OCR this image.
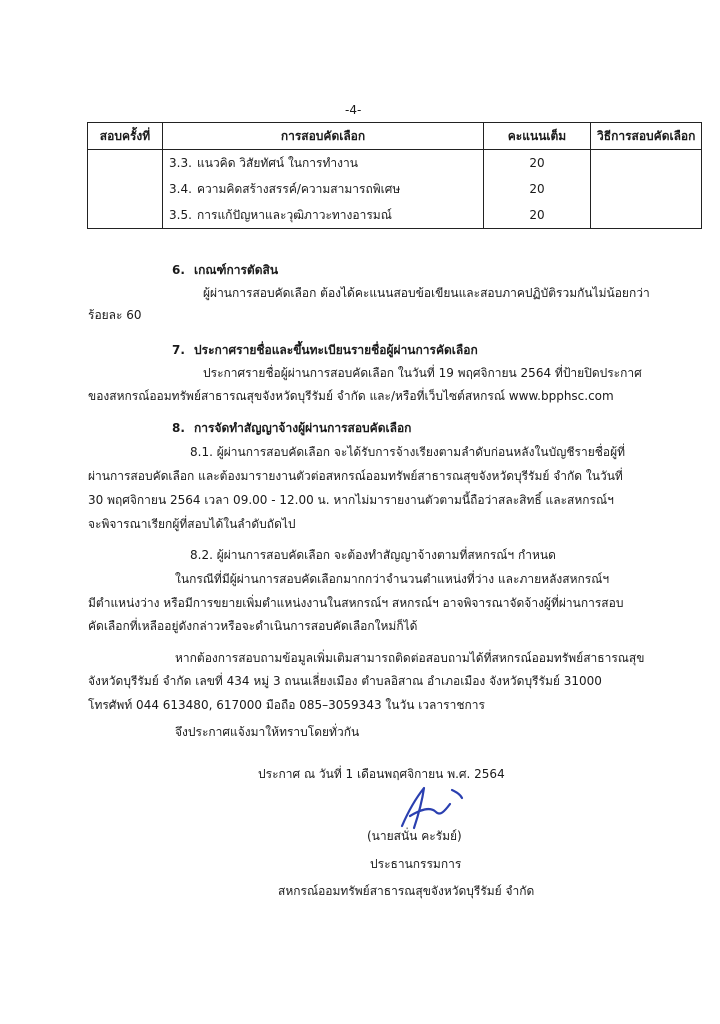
-4-
สอบครั้งที่	การสอบคัดเลือก	คะแนนเต็ม	วิธีการสอบคัดเลือก
	3.3. แนวคิด วิสัยทัศน์ ในการทำงาน	20	
	3.4. ความคิดสร้างสรรค์/ความสามารถพิเศษ	20	
	3.5. การแก้ปัญหาและวุฒิภาวะทางอารมณ์	20	
6. เกณฑ์การตัดสิน
ผู้ผ่านการสอบคัดเลือก ต้องได้คะแนนสอบข้อเขียนและสอบภาคปฏิบัติรวมกันไม่น้อยกว่า
ร้อยละ 60
7. ประกาศรายชื่อและขึ้นทะเบียนรายชื่อผู้ผ่านการคัดเลือก
ประกาศรายชื่อผู้ผ่านการสอบคัดเลือก ในวันที่ 19 พฤศจิกายน 2564 ที่ป้ายปิดประกาศ
ของสหกรณ์ออมทรัพย์สาธารณสุขจังหวัดบุรีรัมย์ จำกัด และ/หรือที่เว็บไซต์สหกรณ์ www.bpphsc.com
8. การจัดทำสัญญาจ้างผู้ผ่านการสอบคัดเลือก
8.1. ผู้ผ่านการสอบคัดเลือก จะได้รับการจ้างเรียงตามลำดับก่อนหลังในบัญชีรายชื่อผู้ที่
ผ่านการสอบคัดเลือก และต้องมารายงานตัวต่อสหกรณ์ออมทรัพย์สาธารณสุขจังหวัดบุรีรัมย์ จำกัด ในวันที่
30 พฤศจิกายน 2564 เวลา 09.00 - 12.00 น. หากไม่มารายงานตัวตามนี้ถือว่าสละสิทธิ์ และสหกรณ์ฯ
จะพิจารณาเรียกผู้ที่สอบได้ในลำดับถัดไป
8.2. ผู้ผ่านการสอบคัดเลือก จะต้องทำสัญญาจ้างตามที่สหกรณ์ฯ กำหนด
ในกรณีที่มีผู้ผ่านการสอบคัดเลือกมากกว่าจำนวนตำแหน่งที่ว่าง และภายหลังสหกรณ์ฯ
มีตำแหน่งว่าง หรือมีการขยายเพิ่มตำแหน่งงานในสหกรณ์ฯ สหกรณ์ฯ อาจพิจารณาจัดจ้างผู้ที่ผ่านการสอบ
คัดเลือกที่เหลืออยู่ดังกล่าวหรือจะดำเนินการสอบคัดเลือกใหม่ก็ได้
หากต้องการสอบถามข้อมูลเพิ่มเติมสามารถติดต่อสอบถามได้ที่สหกรณ์ออมทรัพย์สาธารณสุข
จังหวัดบุรีรัมย์ จำกัด เลขที่ 434 หมู่ 3 ถนนเลี่ยงเมือง ตำบลอิสาณ อำเภอเมือง จังหวัดบุรีรัมย์ 31000
โทรศัพท์ 044 613480, 617000 มือถือ 085–3059343 ในวัน เวลาราชการ
จึงประกาศแจ้งมาให้ทราบโดยทั่วกัน
ประกาศ ณ วันที่ 1 เดือนพฤศจิกายน พ.ศ. 2564
(นายสนั่น คะรัมย์)
ประธานกรรมการ
สหกรณ์ออมทรัพย์สาธารณสุขจังหวัดบุรีรัมย์ จำกัด
